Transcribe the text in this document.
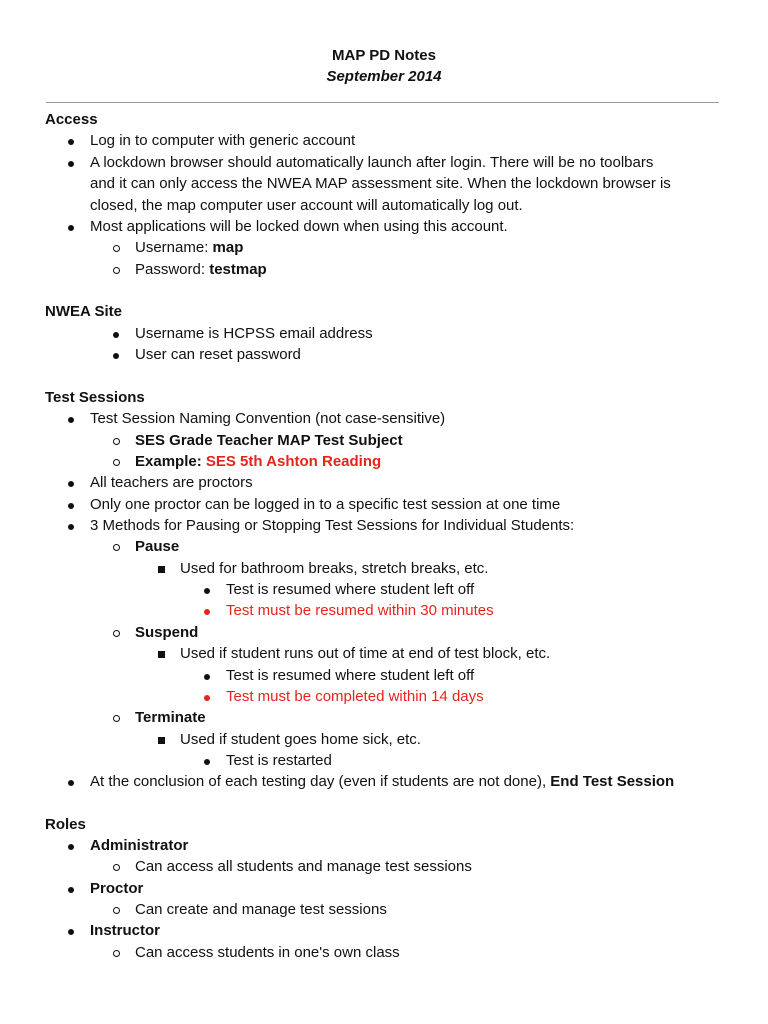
MAP PD Notes
September 2014
Access
Log in to computer with generic account
A lockdown browser should automatically launch after login. There will be no toolbars
and it can only access the NWEA MAP assessment site. When the lockdown browser is
closed, the map computer user account will automatically log out.
Most applications will be locked down when using this account.
Username: map
Password: testmap
NWEA Site
Username is HCPSS email address
User can reset password
Test Sessions
Test Session Naming Convention (not case-sensitive)
SES Grade Teacher MAP Test Subject
Example: SES 5th Ashton Reading
All teachers are proctors
Only one proctor can be logged in to a specific test session at one time
3 Methods for Pausing or Stopping Test Sessions for Individual Students:
Pause
Used for bathroom breaks, stretch breaks, etc.
Test is resumed where student left off
Test must be resumed within 30 minutes
Suspend
Used if student runs out of time at end of test block, etc.
Test is resumed where student left off
Test must be completed within 14 days
Terminate
Used if student goes home sick, etc.
Test is restarted
At the conclusion of each testing day (even if students are not done), End Test Session
Roles
Administrator
Can access all students and manage test sessions
Proctor
Can create and manage test sessions
Instructor
Can access students in one's own class
